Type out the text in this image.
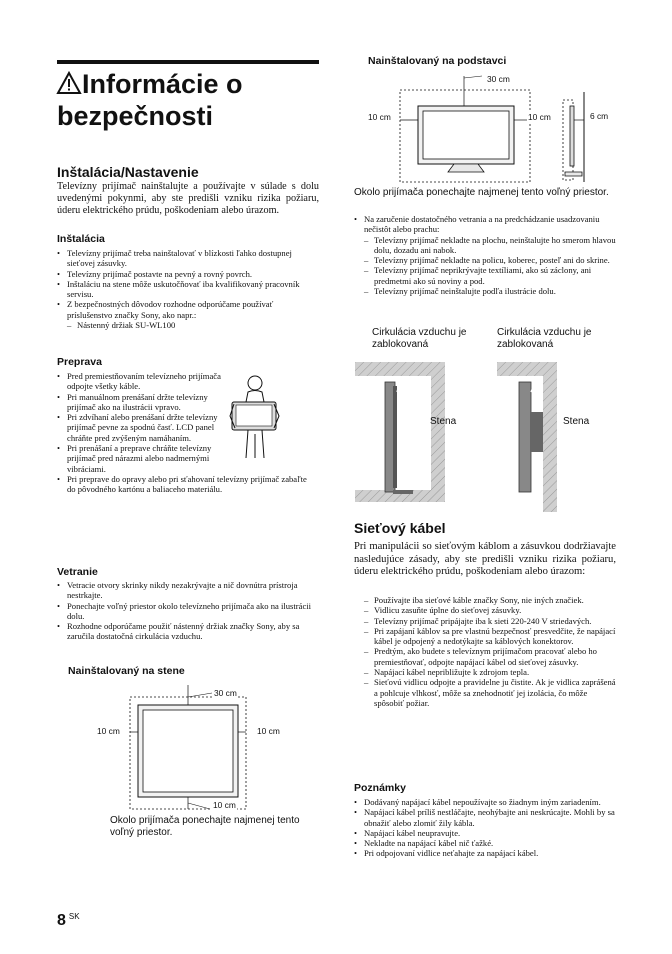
Informácie o bezpečnosti
Inštalácia/Nastavenie
Televízny prijímač nainštalujte a používajte v súlade s dolu uvedenými pokynmi, aby ste predišli vzniku rizika požiaru, úderu elektrického prúdu, poškodeniam alebo úrazom.
Inštalácia
• Televízny prijímač treba nainštalovať v blízkosti ľahko dostupnej sieťovej zásuvky.
• Televízny prijímač postavte na pevný a rovný povrch.
• Inštaláciu na stene môže uskutočňovať iba kvalifikovaný pracovník servisu.
• Z bezpečnostných dôvodov rozhodne odporúčame používať príslušenstvo značky Sony, ako napr.:
– Nástenný držiak SU-WL100
Preprava
• Pred premiestňovaním televízneho prijímača odpojte všetky káble.
• Pri manuálnom prenášaní držte televízny prijímač ako na ilustrácii vpravo.
• Pri zdvíhaní alebo prenášaní držte televízny prijímač pevne za spodnú časť. LCD panel chráňte pred zvýšeným namáhaním.
• Pri prenášaní a preprave chráňte televízny prijímač pred nárazmi alebo nadmernými vibráciami.
• Pri preprave do opravy alebo pri sťahovaní televízny prijímač zabaľte do pôvodného kartónu a baliaceho materiálu.
Vetranie
• Vetracie otvory skrinky nikdy nezakrývajte a nič dovnútra prístroja nestrkajte.
• Ponechajte voľný priestor okolo televízneho prijímača ako na ilustrácii dolu.
• Rozhodne odporúčame použiť nástenný držiak značky Sony, aby sa zaručila dostatočná cirkulácia vzduchu.
Nainštalovaný na stene
30 cm
10 cm	10 cm
10 cm
Okolo prijímača ponechajte najmenej tento voľný priestor.
Nainštalovaný na podstavci
30 cm
10 cm	10 cm	6 cm
Okolo prijímača ponechajte najmenej tento voľný priestor.
• Na zaručenie dostatočného vetrania a na predchádzanie usadzovaniu nečistôt alebo prachu:
– Televízny prijímač nekladte na plochu, neinštalujte ho smerom hlavou dolu, dozadu ani nabok.
– Televízny prijímač nekladte na policu, koberec, posteľ ani do skrine.
– Televízny prijímač neprikrývajte textíliami, ako sú záclony, ani predmetmi ako sú noviny a pod.
– Televízny prijímač neinštalujte podľa ilustrácie dolu.
Cirkulácia vzduchu je zablokovaná
Cirkulácia vzduchu je zablokovaná
Stena	Stena
Sieťový kábel
Pri manipulácii so sieťovým káblom a zásuvkou dodržiavajte nasledujúce zásady, aby ste predišli vzniku rizika požiaru, úderu elektrického prúdu, poškodeniam alebo úrazom:
– Používajte iba sieťové káble značky Sony, nie iných značiek.
– Vidlicu zasuňte úplne do sieťovej zásuvky.
– Televízny prijímač pripájajte iba k sieti 220-240 V striedavých.
– Pri zapájaní káblov sa pre vlastnú bezpečnosť presvedčite, že napájací kábel je odpojený a nedotýkajte sa káblových konektorov.
– Predtým, ako budete s televíznym prijímačom pracovať alebo ho premiestňovať, odpojte napájací kábel od sieťovej zásuvky.
– Napájací kábel nepribližujte k zdrojom tepla.
– Sieťovú vidlicu odpojte a pravidelne ju čistite. Ak je vidlica zaprášená a pohlcuje vlhkosť, môže sa znehodnotiť jej izolácia, čo môže spôsobiť požiar.
Poznámky
• Dodávaný napájací kábel nepoužívajte so žiadnym iným zariadením.
• Napájací kábel príliš nestláčajte, neohýbajte ani neskrúcajte. Mohli by sa obnažiť alebo zlomiť žily kábla.
• Napájací kábel neupravujte.
• Nekladte na napájací kábel nič ťažké.
• Pri odpojovaní vidlice neťahajte za napájací kábel.
8 $^{SK}$
